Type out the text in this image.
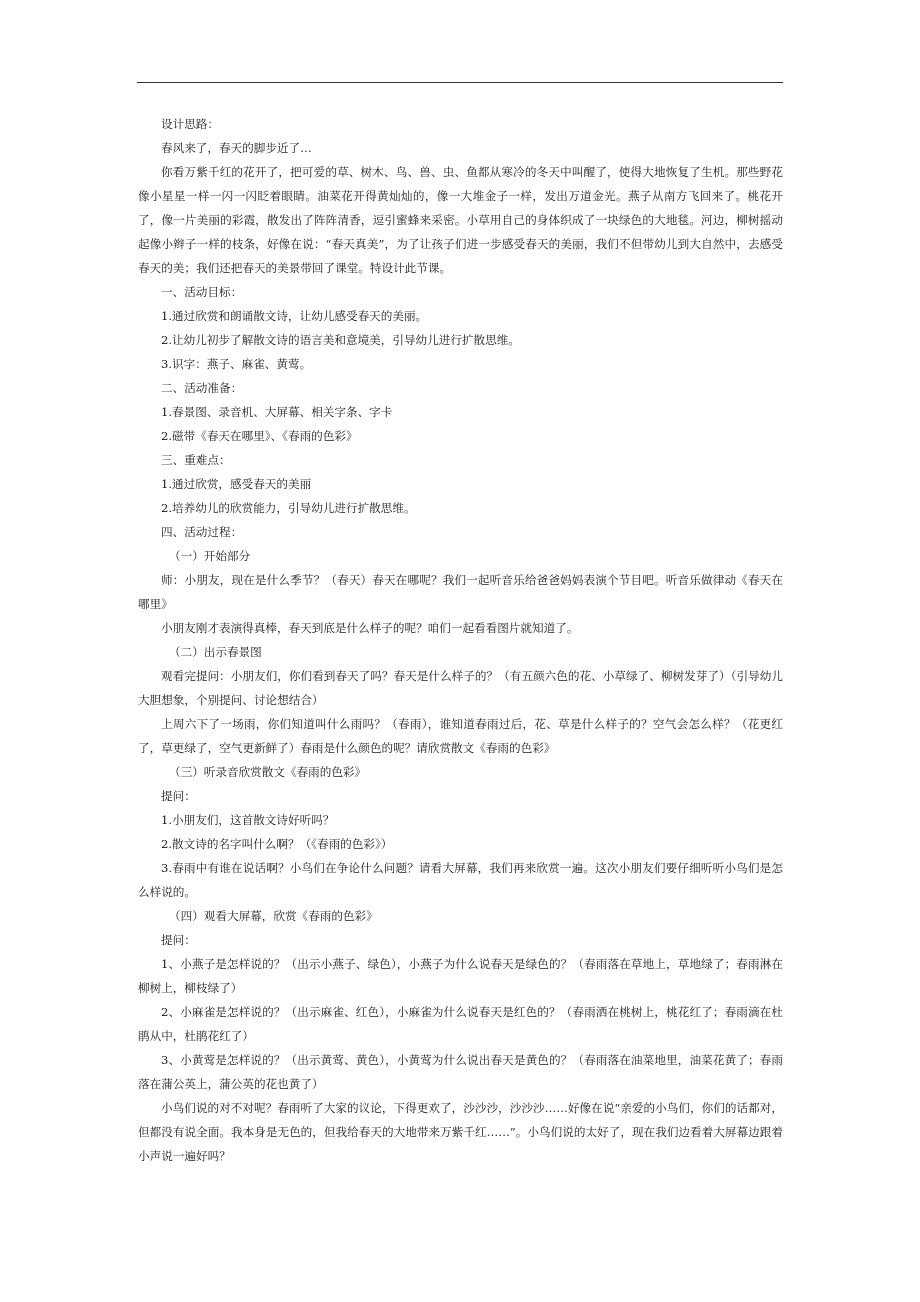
设计思路：

春风来了，春天的脚步近了…

你看万紫千红的花开了，把可爱的草、树木、鸟、兽、虫、鱼都从寒冷的冬天中叫醒了，使得大地恢复了生机。那些野花像小星星一样一闪一闪眨着眼睛。油菜花开得黄灿灿的，像一大堆金子一样，发出万道金光。燕子从南方飞回来了。桃花开了，像一片美丽的彩霞，散发出了阵阵清香，逗引蜜蜂来采密。小草用自己的身体织成了一块绿色的大地毯。河边，柳树摇动起像小辫子一样的枝条，好像在说：“春天真美”，为了让孩子们进一步感受春天的美丽，我们不但带幼儿到大自然中，去感受春天的美；我们还把春天的美景带回了课堂。特设计此节课。

一、活动目标：

1.通过欣赏和朗诵散文诗，让幼儿感受春天的美丽。

2.让幼儿初步了解散文诗的语言美和意境美，引导幼儿进行扩散思维。

3.识字：燕子、麻雀、黄莺。

二、活动准备：

1.春景图、录音机、大屏幕、相关字条、字卡

2.磁带《春天在哪里》、《春雨的色彩》

三、重难点：

1.通过欣赏，感受春天的美丽

2.培养幼儿的欣赏能力，引导幼儿进行扩散思维。

四、活动过程：

（一）开始部分

师：小朋友，现在是什么季节？（春天）春天在哪呢？我们一起听音乐给爸爸妈妈表演个节目吧。听音乐做律动《春天在哪里》

小朋友刚才表演得真棒，春天到底是什么样子的呢？咱们一起看看图片就知道了。

（二）出示春景图

观看完提问：小朋友们，你们看到春天了吗？春天是什么样子的？（有五颜六色的花、小草绿了、柳树发芽了）（引导幼儿大胆想象，个别提问、讨论想结合）

上周六下了一场雨，你们知道叫什么雨吗？（春雨），谁知道春雨过后，花、草是什么样子的？空气会怎么样？（花更红了，草更绿了，空气更新鲜了）春雨是什么颜色的呢？请欣赏散文《春雨的色彩》

（三）听录音欣赏散文《春雨的色彩》

提问：

1.小朋友们，这首散文诗好听吗？

2.散文诗的名字叫什么啊？（《春雨的色彩》）

3.春雨中有谁在说话啊？小鸟们在争论什么问题？请看大屏幕，我们再来欣赏一遍。这次小朋友们要仔细听听小鸟们是怎么样说的。

（四）观看大屏幕，欣赏《春雨的色彩》

提问：

1、小燕子是怎样说的？（出示小燕子、绿色），小燕子为什么说春天是绿色的？（春雨落在草地上，草地绿了；春雨淋在柳树上，柳枝绿了）

2、小麻雀是怎样说的？（出示麻雀、红色），小麻雀为什么说春天是红色的？（春雨洒在桃树上，桃花红了；春雨滴在杜鹃从中，杜鹃花红了）

3、小黄莺是怎样说的？（出示黄莺、黄色），小黄莺为什么说出春天是黄色的？（春雨落在油菜地里，油菜花黄了；春雨落在蒲公英上，蒲公英的花也黄了）

小鸟们说的对不对呢？春雨听了大家的议论，下得更欢了，沙沙沙，沙沙沙……好像在说“亲爱的小鸟们，你们的话都对，但都没有说全面。我本身是无色的，但我给春天的大地带来万紫千红……”。小鸟们说的太好了，现在我们边看着大屏幕边跟着小声说一遍好吗？
